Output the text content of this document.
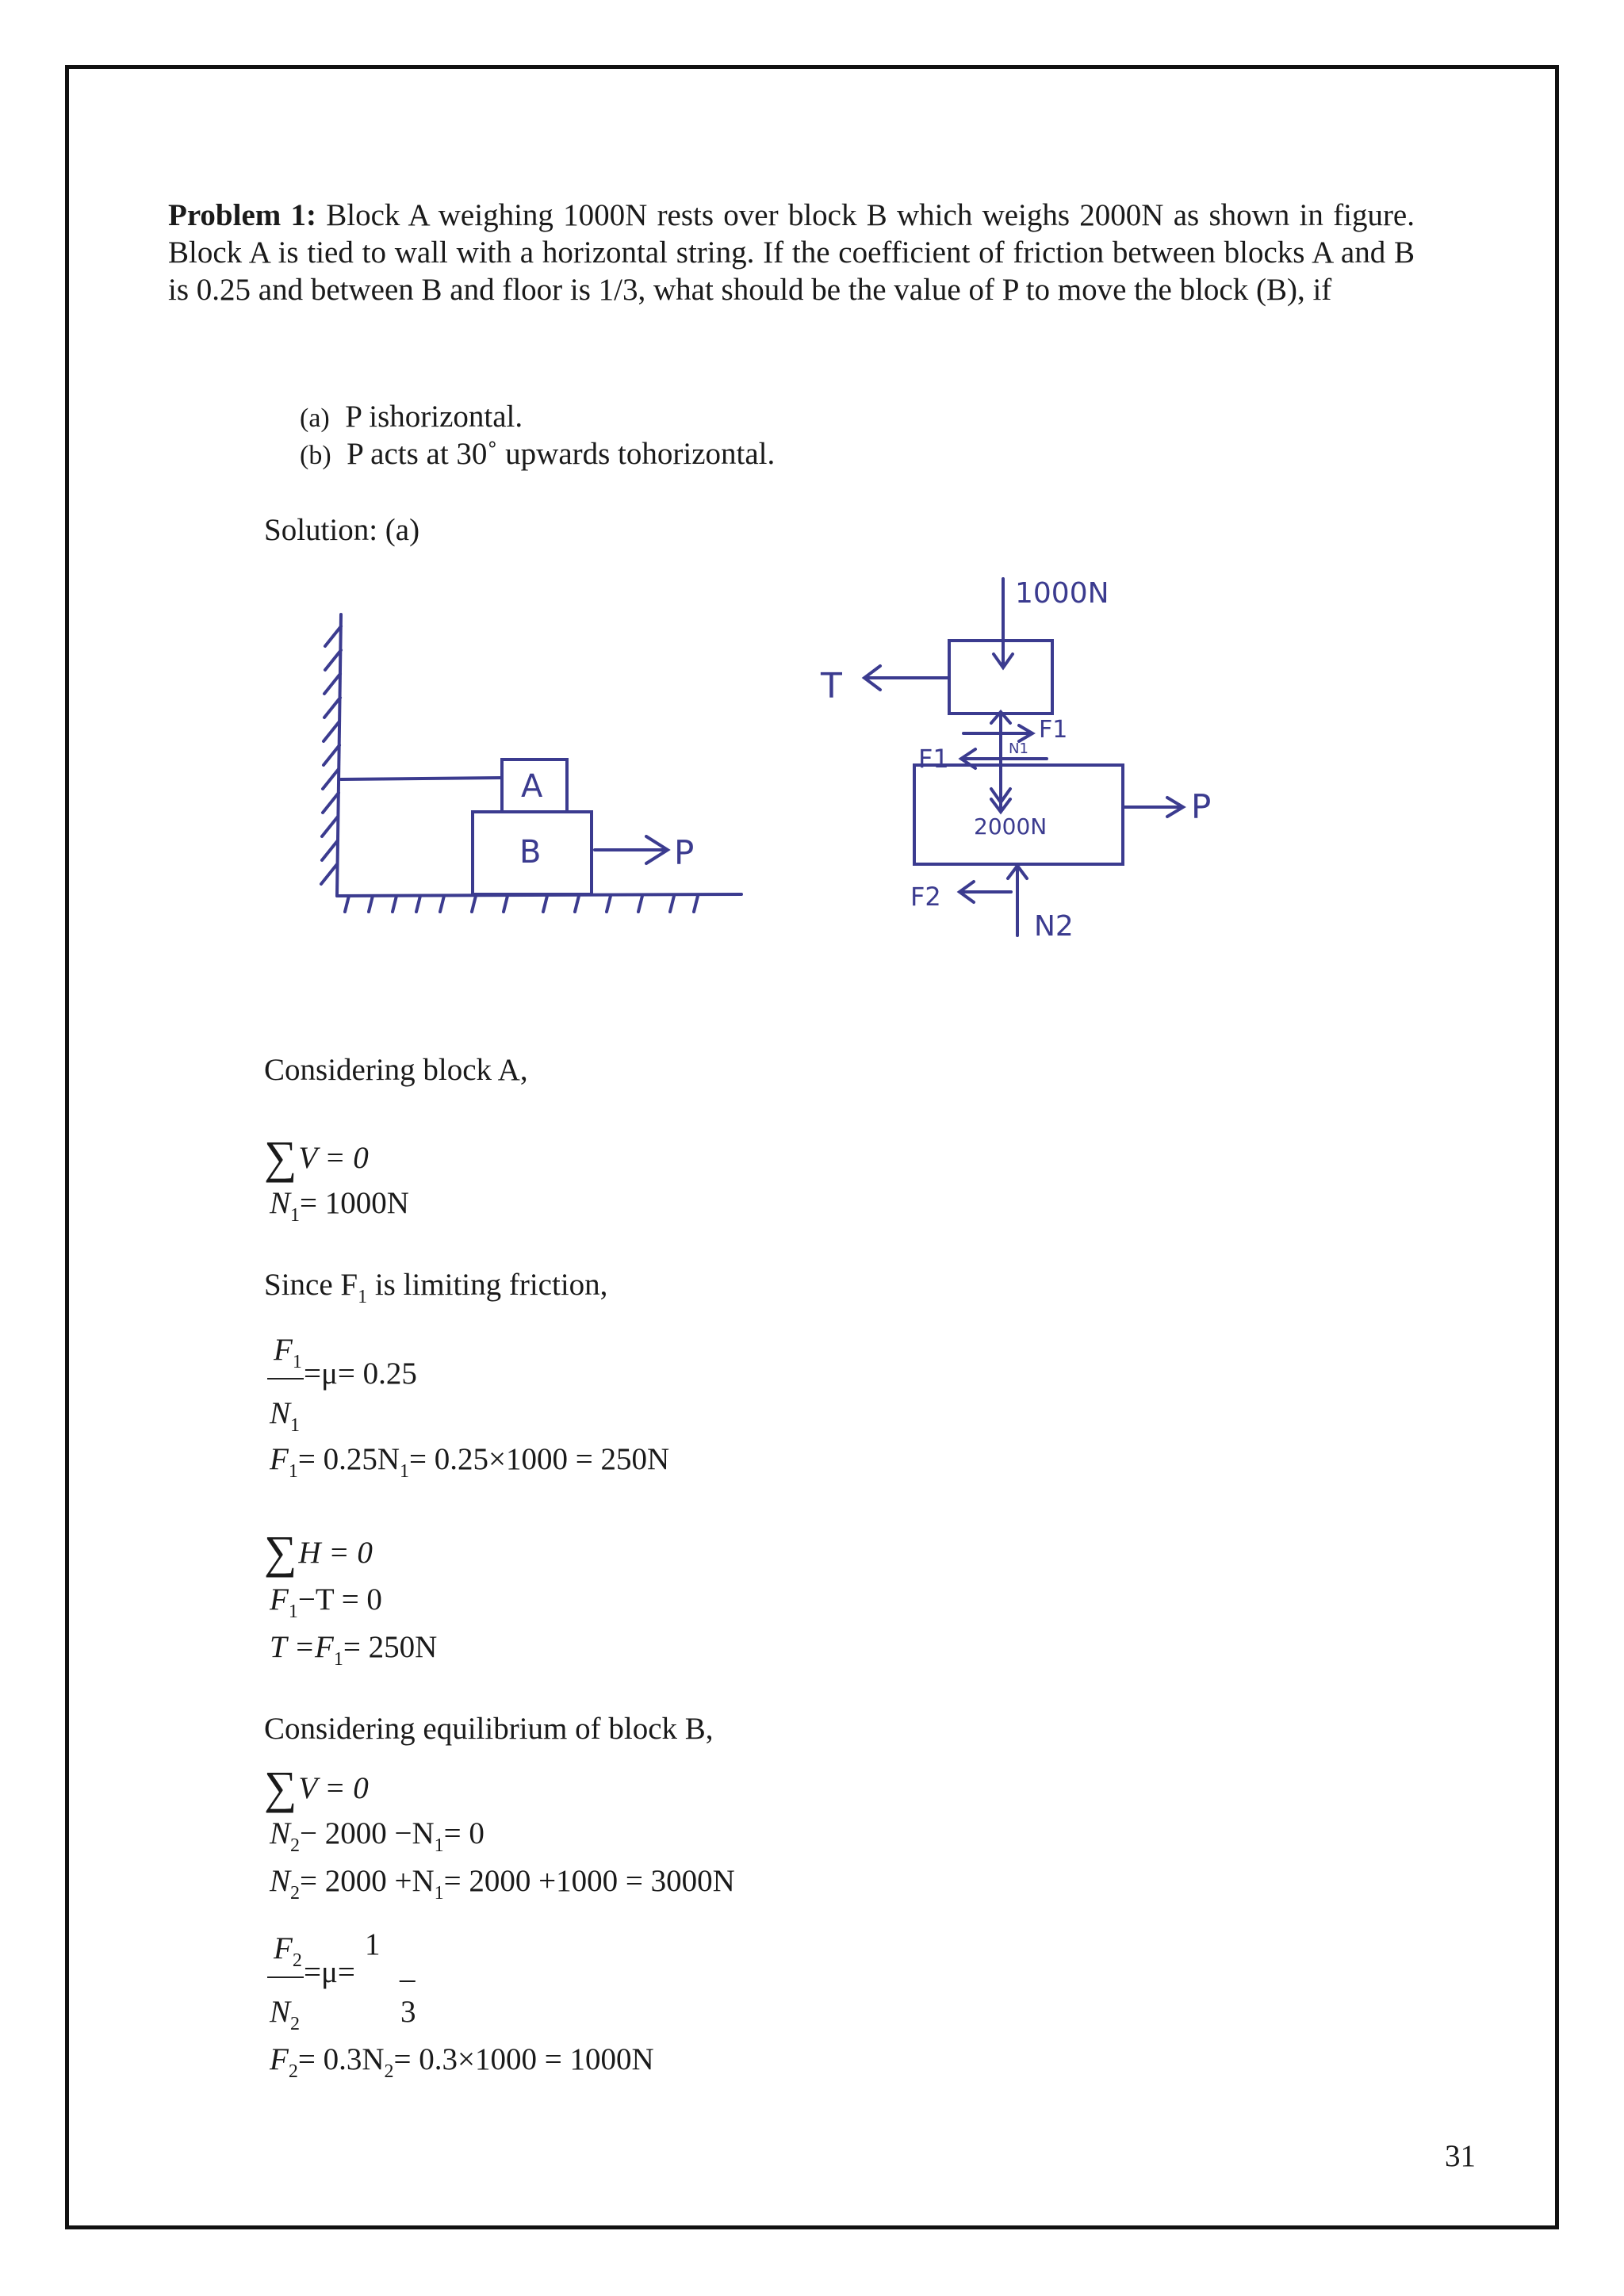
Problem 1: Block A weighing 1000N rests over block B which weighs 2000N as shown in figure. Block A is tied to wall with a horizontal string. If the coefficient of friction between blocks A and B is 0.25 and between B and floor is 1/3, what should be the value of P to move the block (B), if
(a) P ishorizontal.
(b) P acts at 30˚ upwards tohorizontal.
Solution: (a)
A
B	P
1000N
T
F1
N1
F1
2000N
P
F2
N2
Considering block A,
∑V = 0
$N_1= 1000N$
Since $F_1$ is limiting friction,
$F_1 =\mu= 0.25$
$N_1$
$F_1= 0.25N_1= 0.25\times 1000 = 250N$
∑H = 0
$F_1-T = 0$
$T =F_1= 250N$
Considering equilibrium of block B,
∑V = 0
$N_2- 2000 -N_1= 0$
$N_2= 2000 +N_1= 2000 +1000 = 3000N$
$F_2$ 1
=μ= _
$N_2$	3
$F_2= 0.3N_2= 0.3\times 1000 = 1000N$
31
